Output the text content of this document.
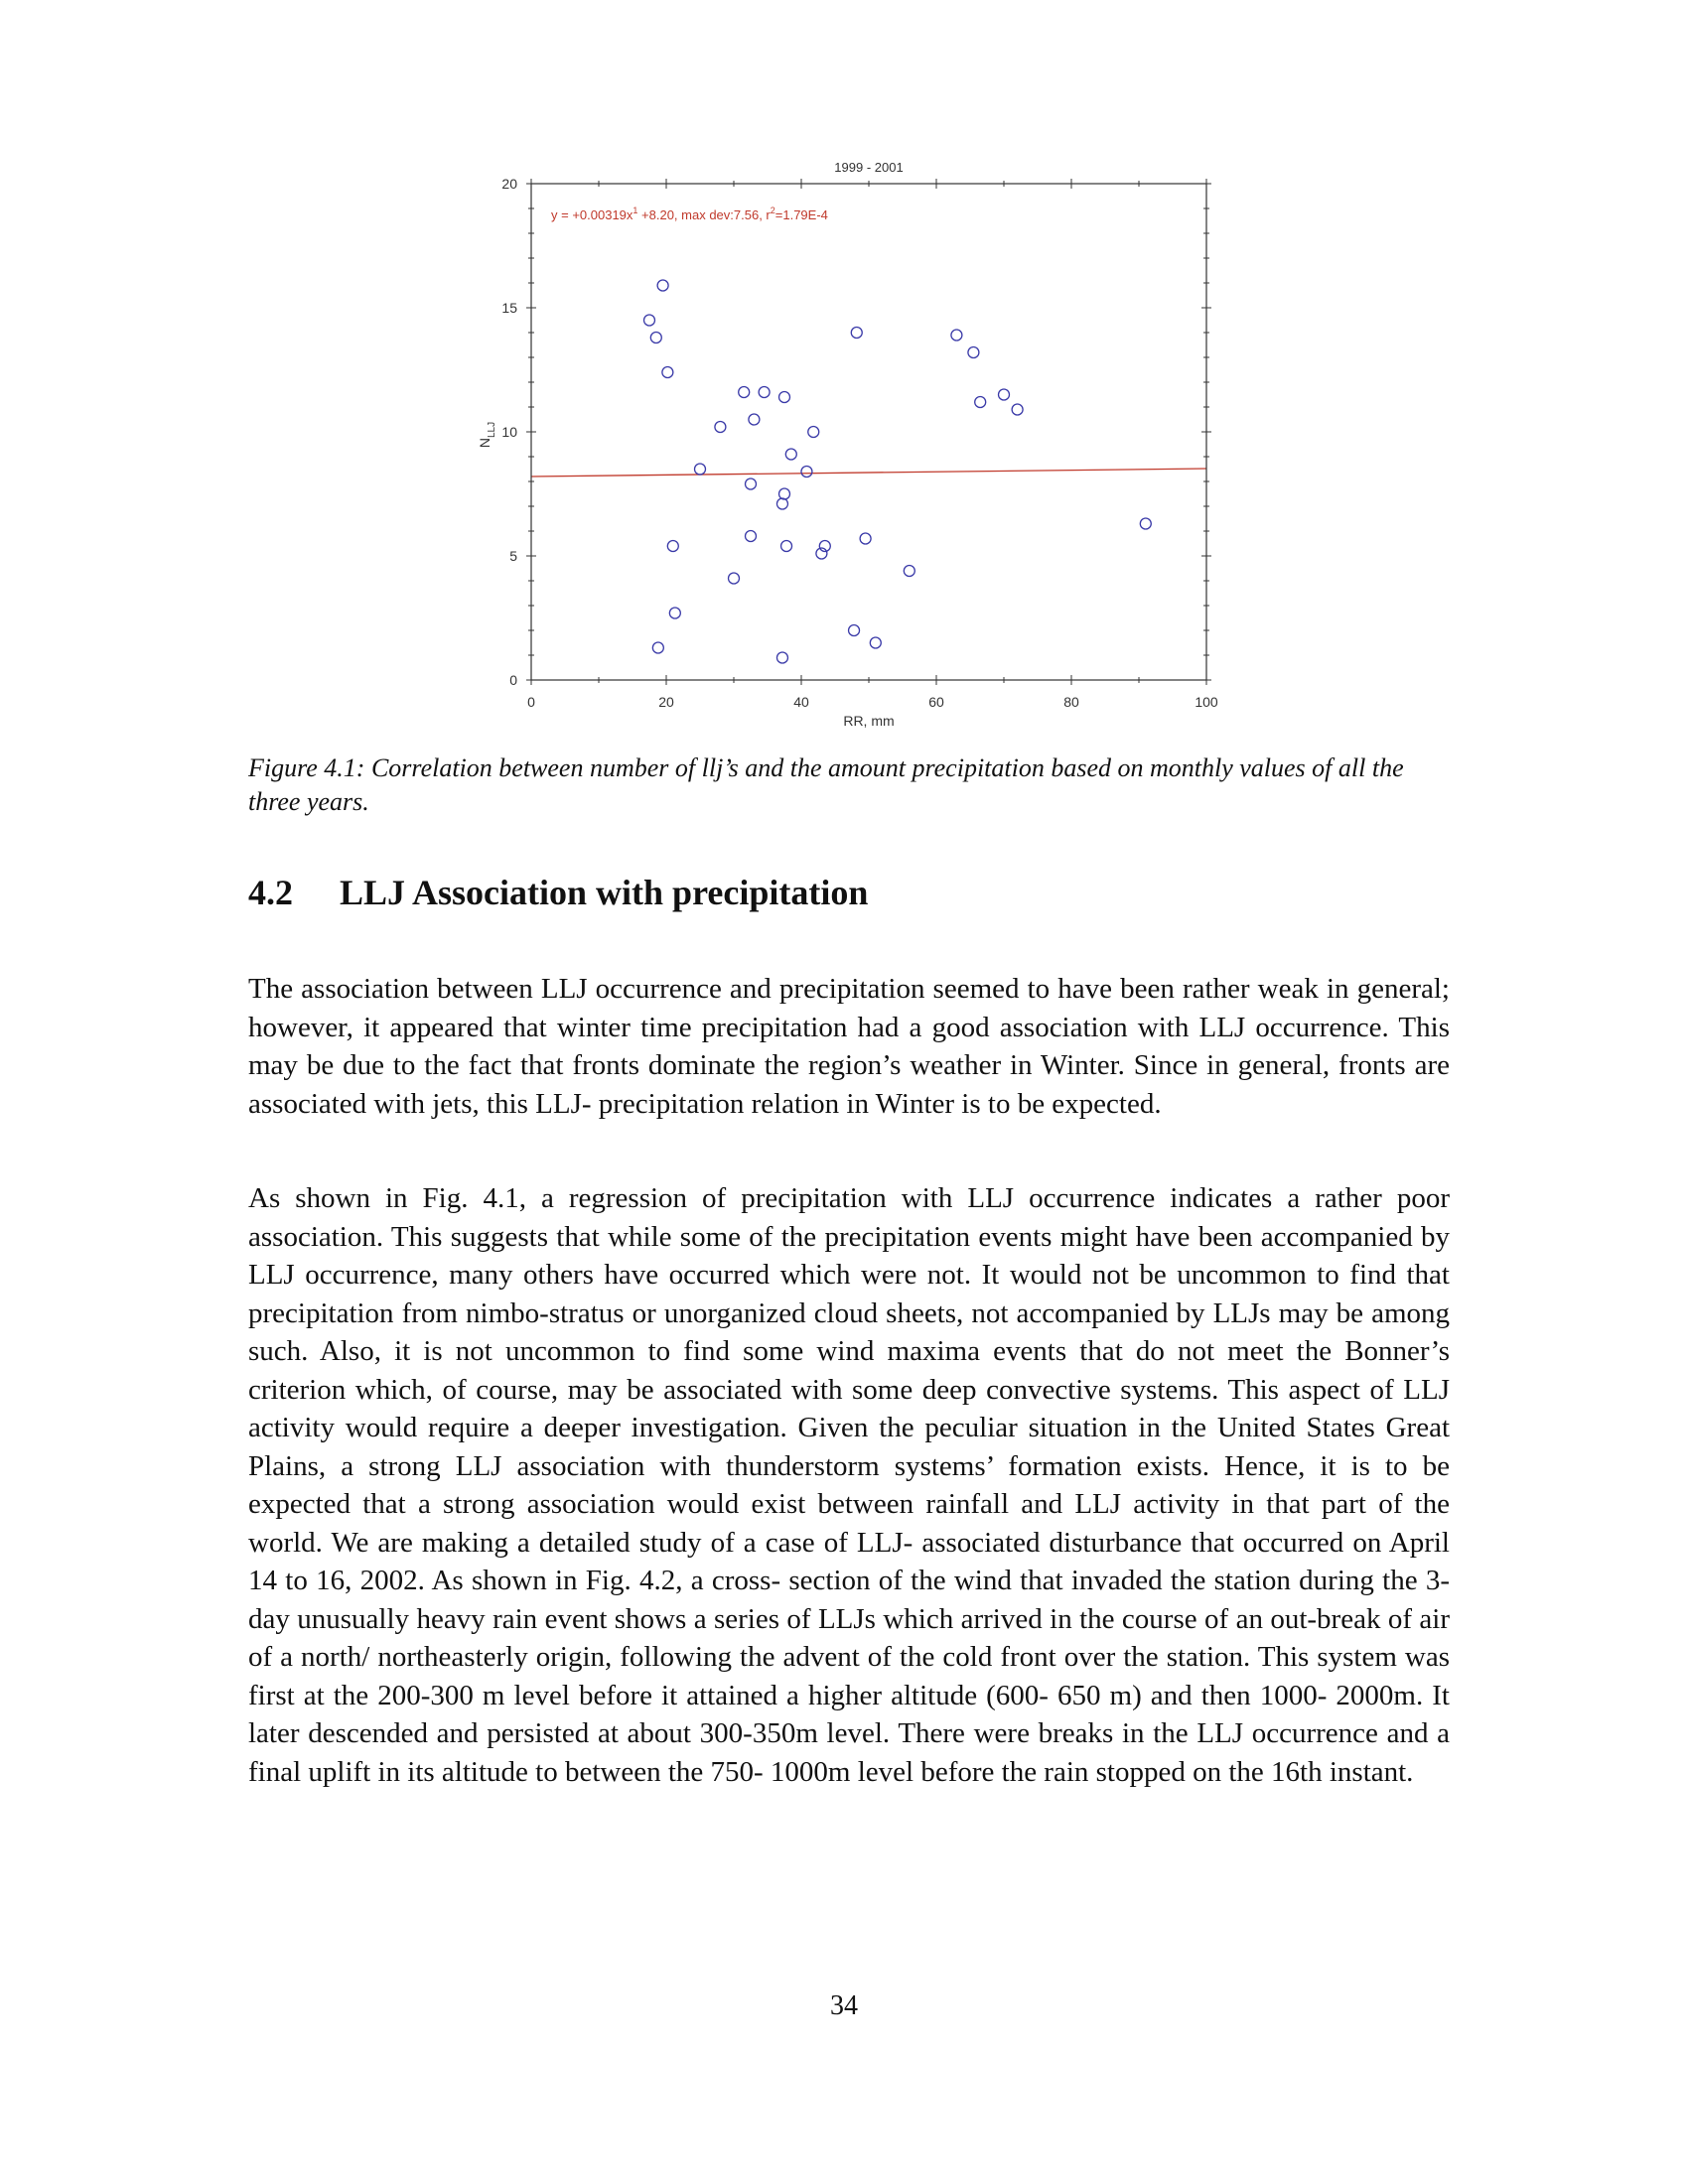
1999 - 2001
$y = +0.00319x^1 +8.20$, max dev:7.56, $r^2=1.79E-4$
$N_{LLJ}$
RR, mm
0	20	40	60	80	100
0
5
10
15
20

Figure 4.1: Correlation between number of llj’s and the amount precipitation based on monthly values of all the three years.

4.2 LLJ Association with precipitation

The association between LLJ occurrence and precipitation seemed to have been rather weak in general; however, it appeared that winter time precipitation had a good association with LLJ occurrence. This may be due to the fact that fronts dominate the region’s weather in Winter. Since in general, fronts are associated with jets, this LLJ- precipitation relation in Winter is to be expected.

As shown in Fig. 4.1, a regression of precipitation with LLJ occurrence indicates a rather poor association. This suggests that while some of the precipitation events might have been accompanied by LLJ occurrence, many others have occurred which were not. It would not be uncommon to find that precipitation from nimbo-stratus or unorganized cloud sheets, not accompanied by LLJs may be among such. Also, it is not uncommon to find some wind maxima events that do not meet the Bonner’s criterion which, of course, may be associated with some deep convective systems. This aspect of LLJ activity would require a deeper investigation. Given the peculiar situation in the United States Great Plains, a strong LLJ association with thunderstorm systems’ formation exists. Hence, it is to be expected that a strong association would exist between rainfall and LLJ activity in that part of the world. We are making a detailed study of a case of LLJ- associated disturbance that occurred on April 14 to 16, 2002. As shown in Fig. 4.2, a cross- section of the wind that invaded the station during the 3-day unusually heavy rain event shows a series of LLJs which arrived in the course of an out-break of air of a north/ northeasterly origin, following the advent of the cold front over the station. This system was first at the 200-300 m level before it attained a higher altitude (600- 650 m) and then 1000- 2000m. It later descended and persisted at about 300-350m level. There were breaks in the LLJ occurrence and a final uplift in its altitude to between the 750- 1000m level before the rain stopped on the 16th instant.

34
